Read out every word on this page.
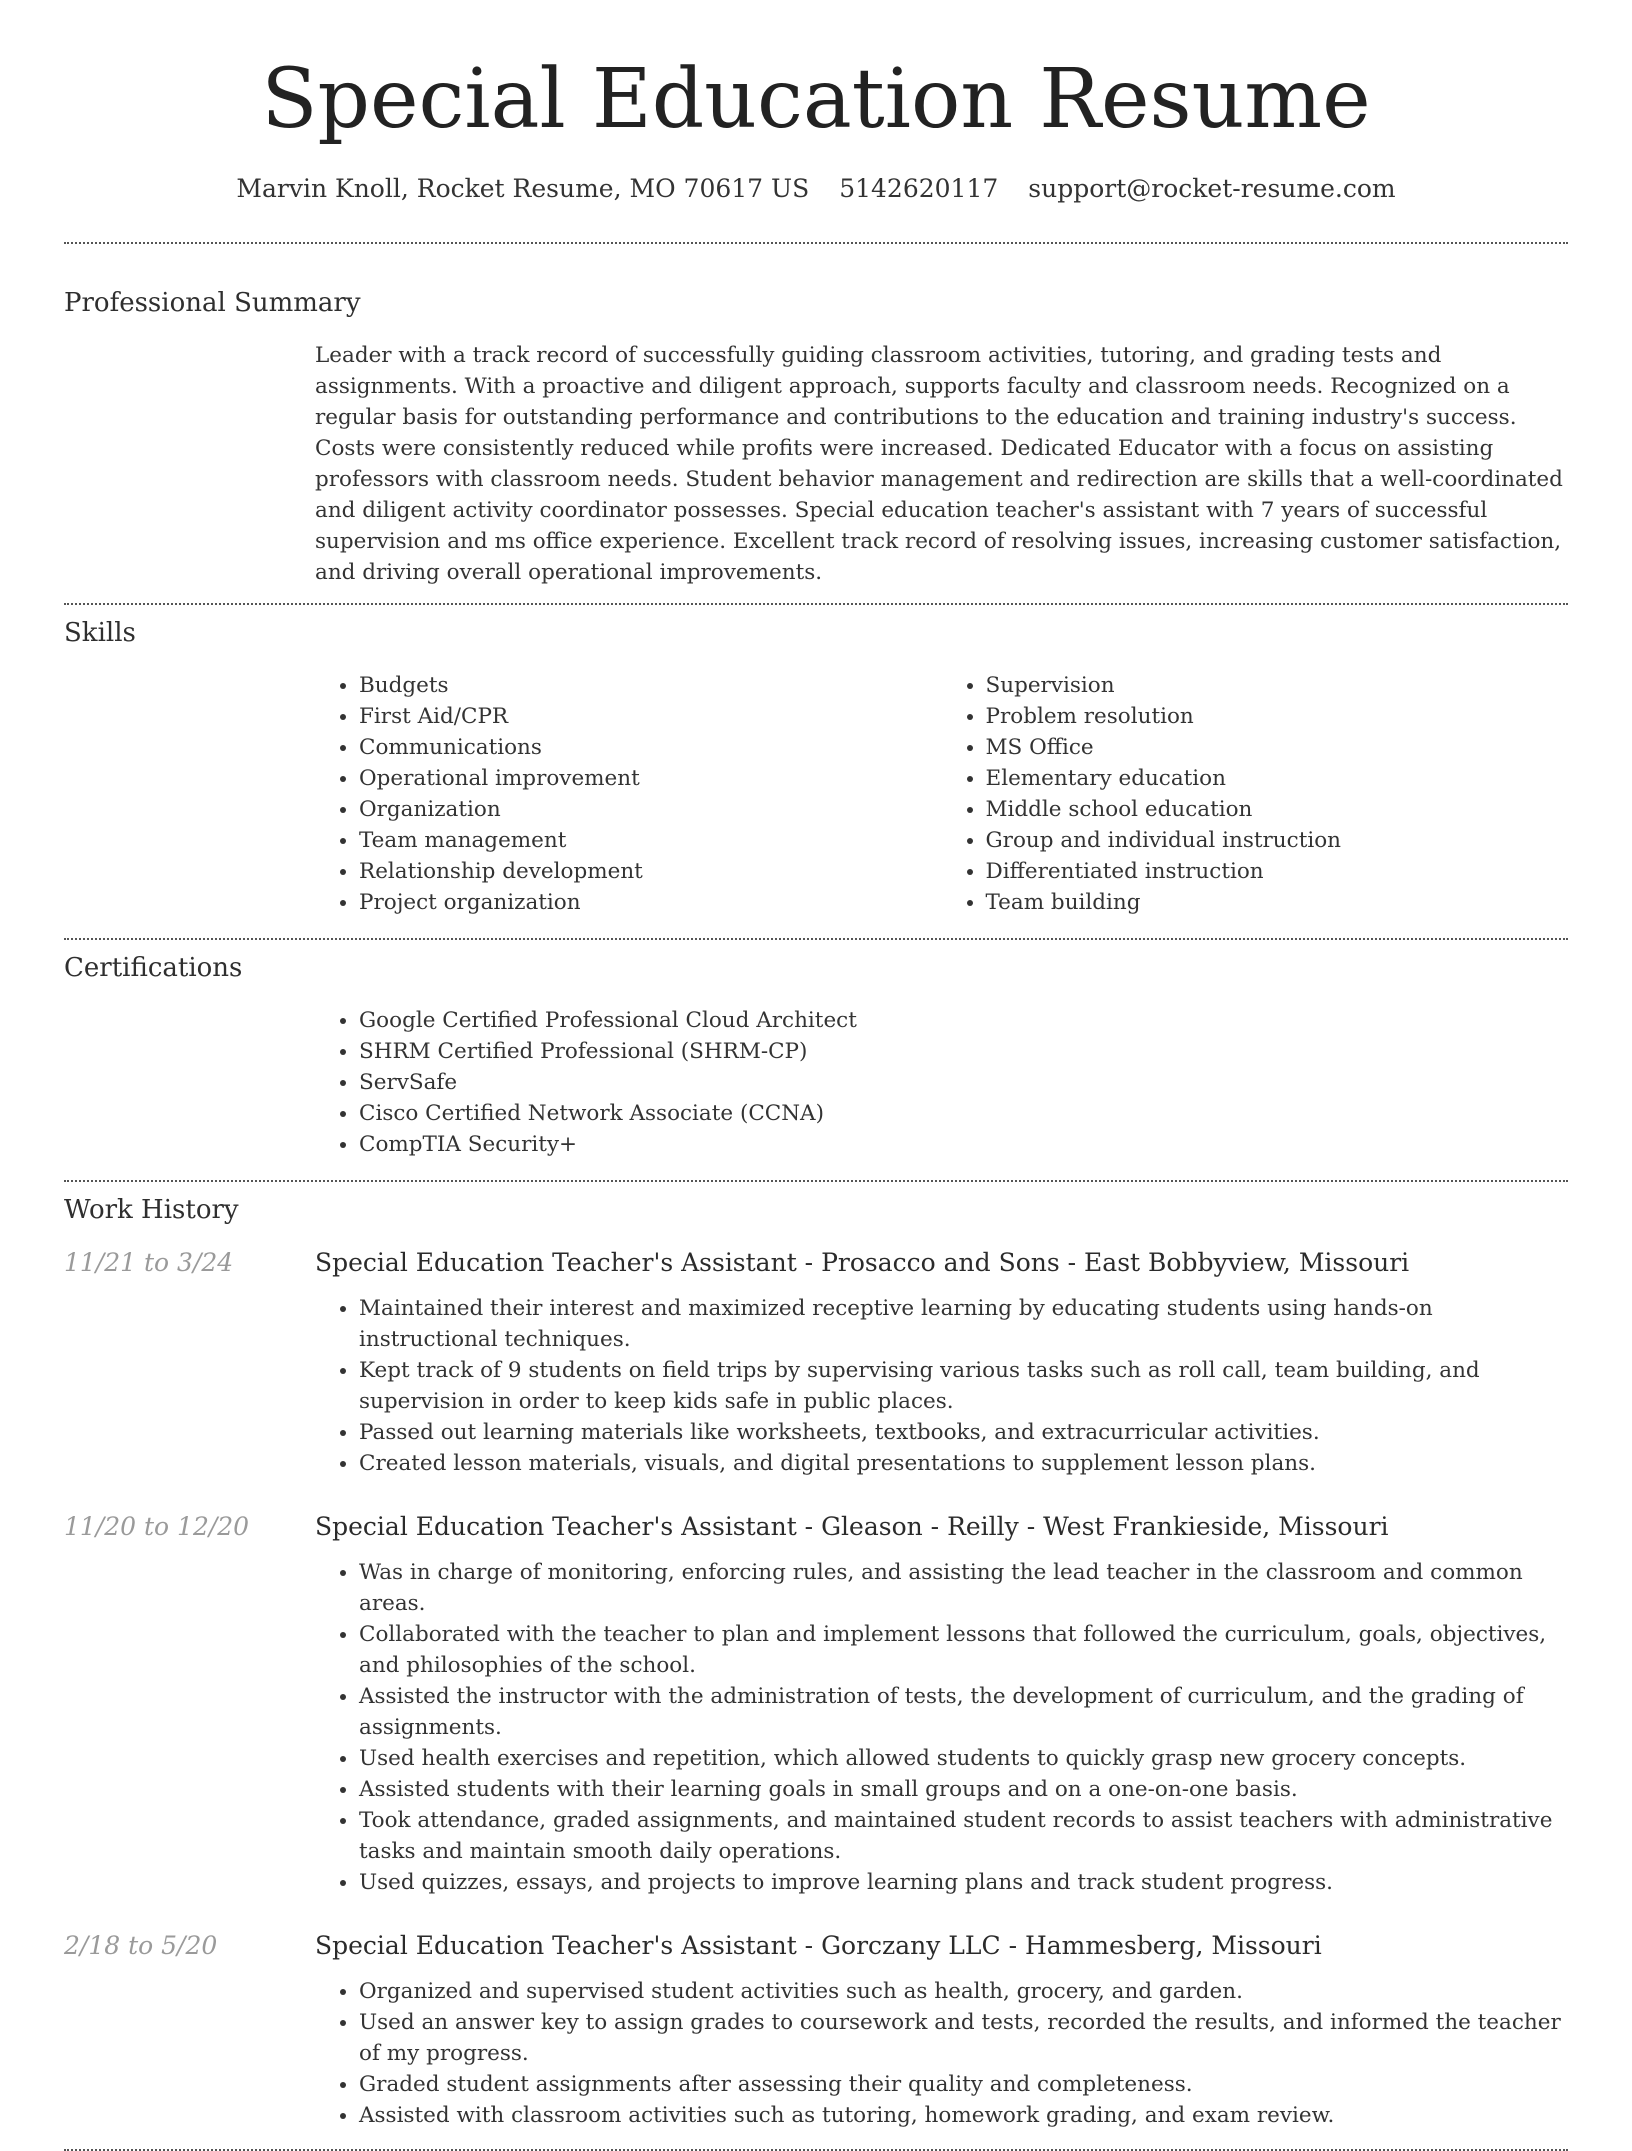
Special Education Resume
Marvin Knoll, Rocket Resume, MO 70617 US 5142620117 support@rocket-resume.com
Professional Summary

Leader with a track record of successfully guiding classroom activities, tutoring, and grading tests and assignments. With a proactive and diligent approach, supports faculty and classroom needs. Recognized on a regular basis for outstanding performance and contributions to the education and training industry's success. Costs were consistently reduced while profits were increased. Dedicated Educator with a focus on assisting professors with classroom needs. Student behavior management and redirection are skills that a well-coordinated and diligent activity coordinator possesses. Special education teacher's assistant with 7 years of successful supervision and ms office experience. Excellent track record of resolving issues, increasing customer satisfaction, and driving overall operational improvements.

Skills
• Budgets
• First Aid/CPR
• Communications
• Operational improvement
• Organization
• Team management
• Relationship development
• Project organization
• Supervision
• Problem resolution
• MS Office
• Elementary education
• Middle school education
• Group and individual instruction
• Differentiated instruction
• Team building
Certifications
• Google Certified Professional Cloud Architect
• SHRM Certified Professional (SHRM-CP)
• ServSafe
• Cisco Certified Network Associate (CCNA)
• CompTIA Security+
Work History
11/21 to 3/24	Special Education Teacher's Assistant - Prosacco and Sons - East Bobbyview, Missouri
• Maintained their interest and maximized receptive learning by educating students using hands-on instructional techniques.
• Kept track of 9 students on field trips by supervising various tasks such as roll call, team building, and supervision in order to keep kids safe in public places.
• Passed out learning materials like worksheets, textbooks, and extracurricular activities.
• Created lesson materials, visuals, and digital presentations to supplement lesson plans.
11/20 to 12/20	Special Education Teacher's Assistant - Gleason - Reilly - West Frankieside, Missouri
• Was in charge of monitoring, enforcing rules, and assisting the lead teacher in the classroom and common areas.
• Collaborated with the teacher to plan and implement lessons that followed the curriculum, goals, objectives, and philosophies of the school.
• Assisted the instructor with the administration of tests, the development of curriculum, and the grading of assignments.
• Used health exercises and repetition, which allowed students to quickly grasp new grocery concepts.
• Assisted students with their learning goals in small groups and on a one-on-one basis.
• Took attendance, graded assignments, and maintained student records to assist teachers with administrative tasks and maintain smooth daily operations.
• Used quizzes, essays, and projects to improve learning plans and track student progress.
2/18 to 5/20	Special Education Teacher's Assistant - Gorczany LLC - Hammesberg, Missouri
• Organized and supervised student activities such as health, grocery, and garden.
• Used an answer key to assign grades to coursework and tests, recorded the results, and informed the teacher of my progress.
• Graded student assignments after assessing their quality and completeness.
• Assisted with classroom activities such as tutoring, homework grading, and exam review.
